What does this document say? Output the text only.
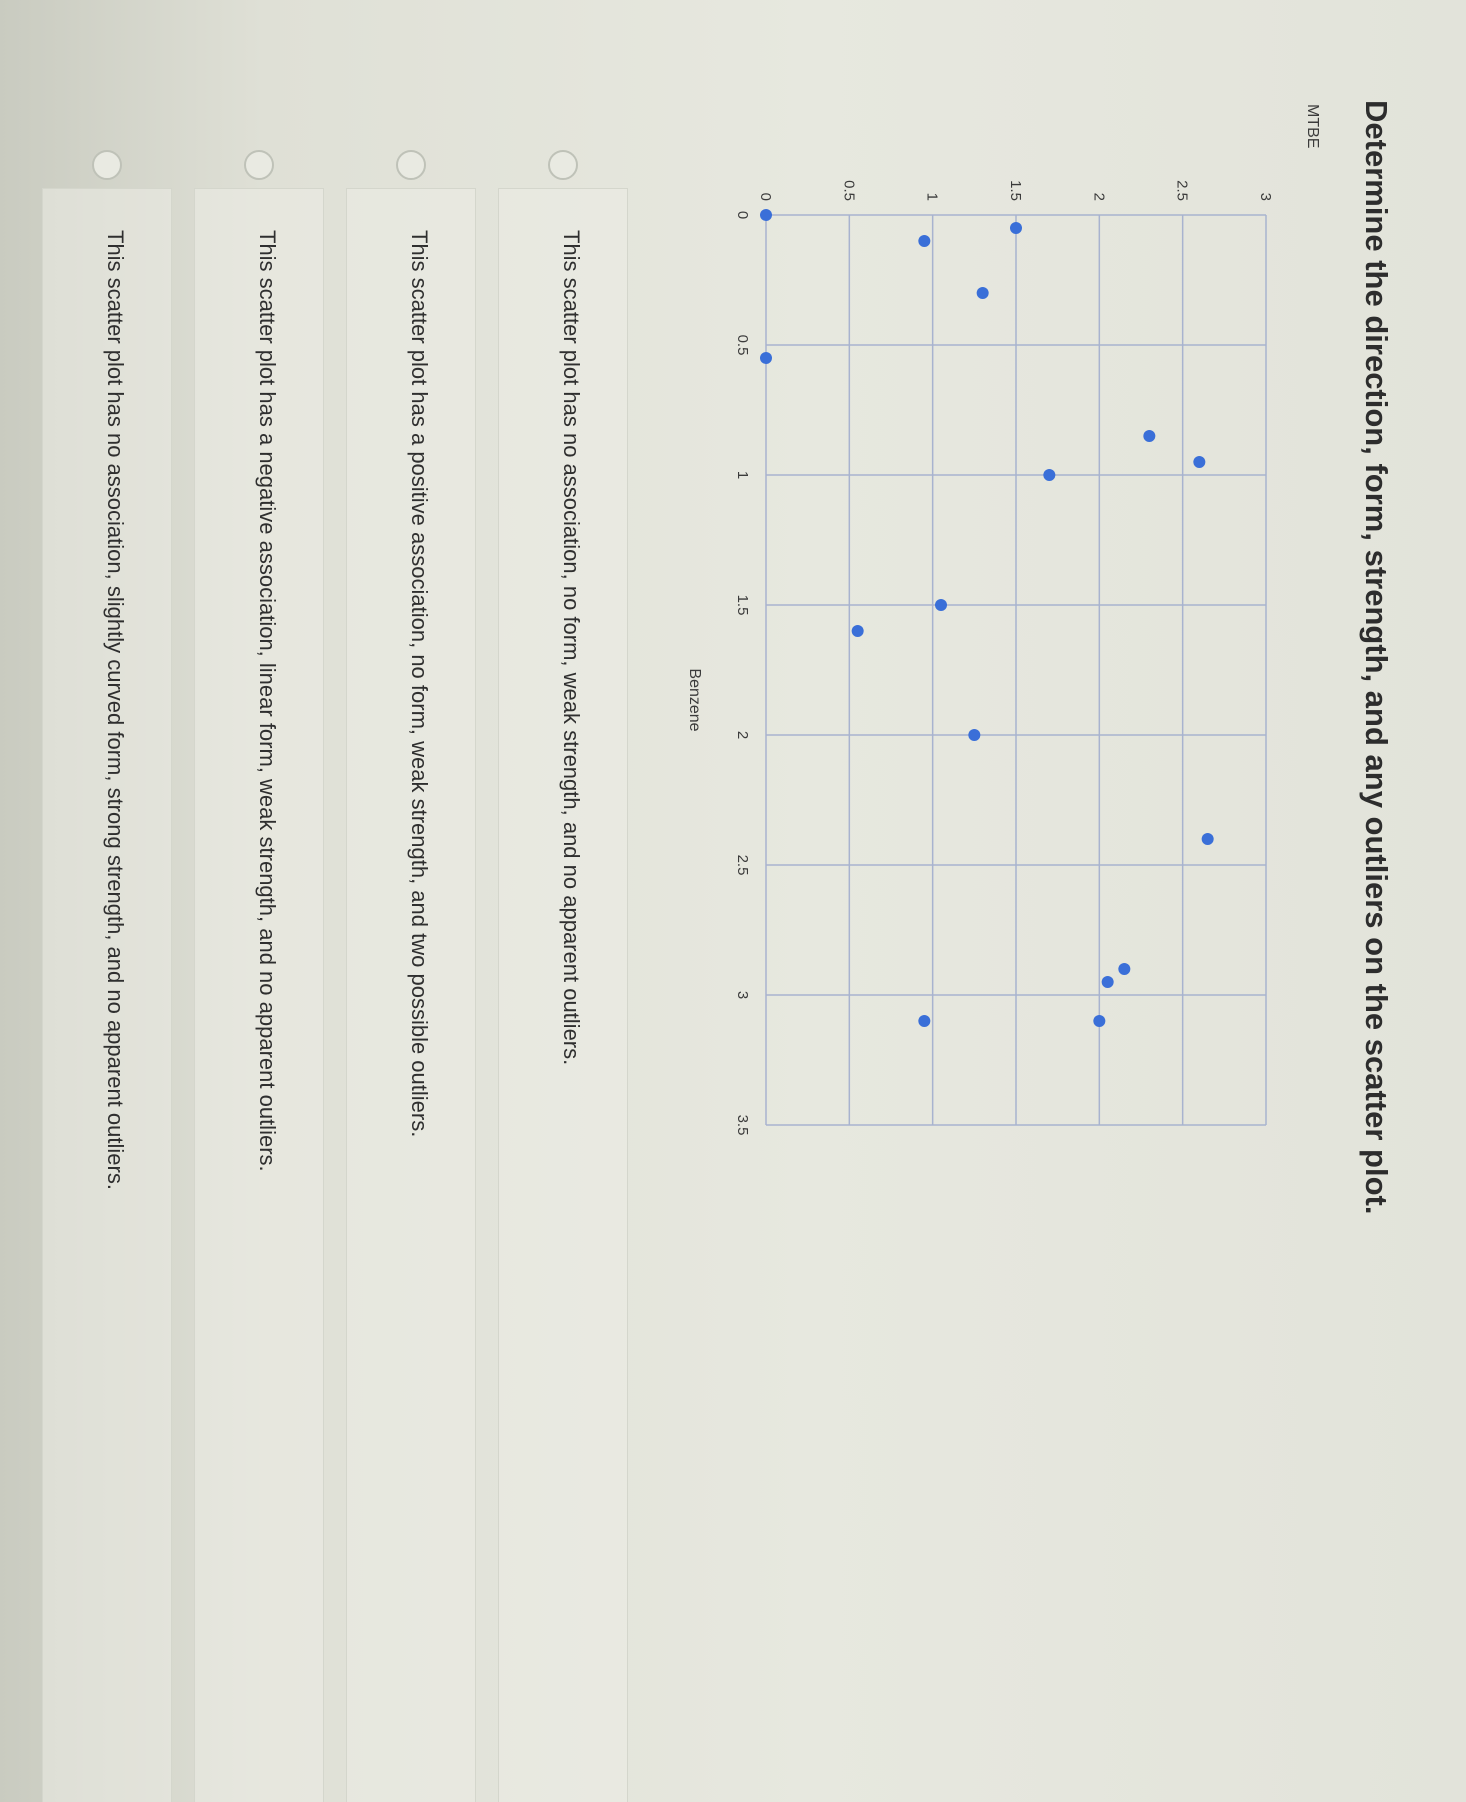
Determine the direction, form, strength, and any outliers on the scatter plot.
MTBE
Benzene
0
0.5
1
1.5
2
2.5
3
3.5
0	0.5	1	1.5	2	2.5	3
This scatter plot has no association, no form, weak strength, and no apparent outliers.
This scatter plot has a positive association, no form, weak strength, and two possible outliers.
This scatter plot has a negative association, linear form, weak strength, and no apparent outliers.
This scatter plot has no association, slightly curved form, strong strength, and no apparent outliers.
